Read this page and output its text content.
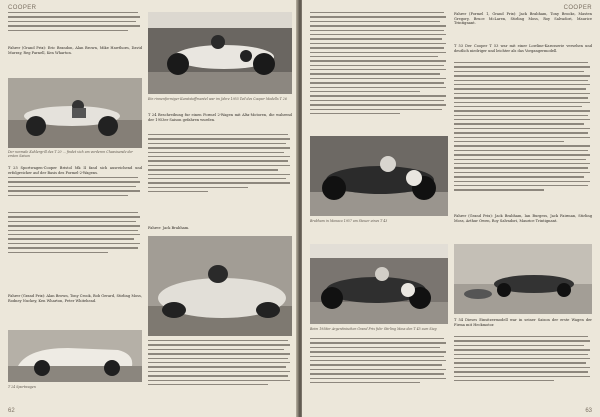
COOPER

Fahrer (Grand Prix): Eric Brandon, Alan Brown, Mike Hawthorn, David Murray, Reg Parnell, Ken Wharton.

Der normale Kuhlergrill des T 20 … findet sich am vorderen Chassisende der ersten Saison
Ein rinnenformiger Kunststoffmantel war im Jahre 1955 Teil des Cooper Modells T 26

T 24 Beschreibung fur einen Formel 2-Wagen mit Alta-Motoren, die wahrend der 1953er Saison gefahren wurden.

Fahrer: Jack Brabham.

T 25 Sportwagen-Cooper Bristol Mk II fand sich ausreichend und erfolgreicher auf der Basis des Formel-2-Wagens.

Fahrer (Grand Prix): Alan Brown, Tony Crook, Bob Gerard, Stirling Moss, Rodney Nuckey, Ken Wharton, Peter Whitehead.

T 24 Sportwagen
62
COOPER

Fahrer (Formel 1, Grand Prix): Jack Brabham, Tony Brooks, Masten Gregory, Bruce McLaren, Stirling Moss, Roy Salvadori, Maurice Trintignant.

T 53 Der Cooper T 53 war mit einer Lowline-Karosserie versehen und deutlich niedriger und leichter als das Vorgangermodell.

Fahrer (Grand Prix): Jack Brabham, Ian Burgess, Jack Fairman, Stirling Moss, Arthur Owen, Roy Salvadori, Maurice Trintignant.

Brabham in Monaco 1957 am Steuer eines T 43
Beim 1958er Argentinischen Grand Prix fuhr Stirling Moss den T 45 zum Sieg

T 54 Dieses Einsitzermodell war in seiner Saison der erste Wagen der Firma mit Heckmotor.

63
